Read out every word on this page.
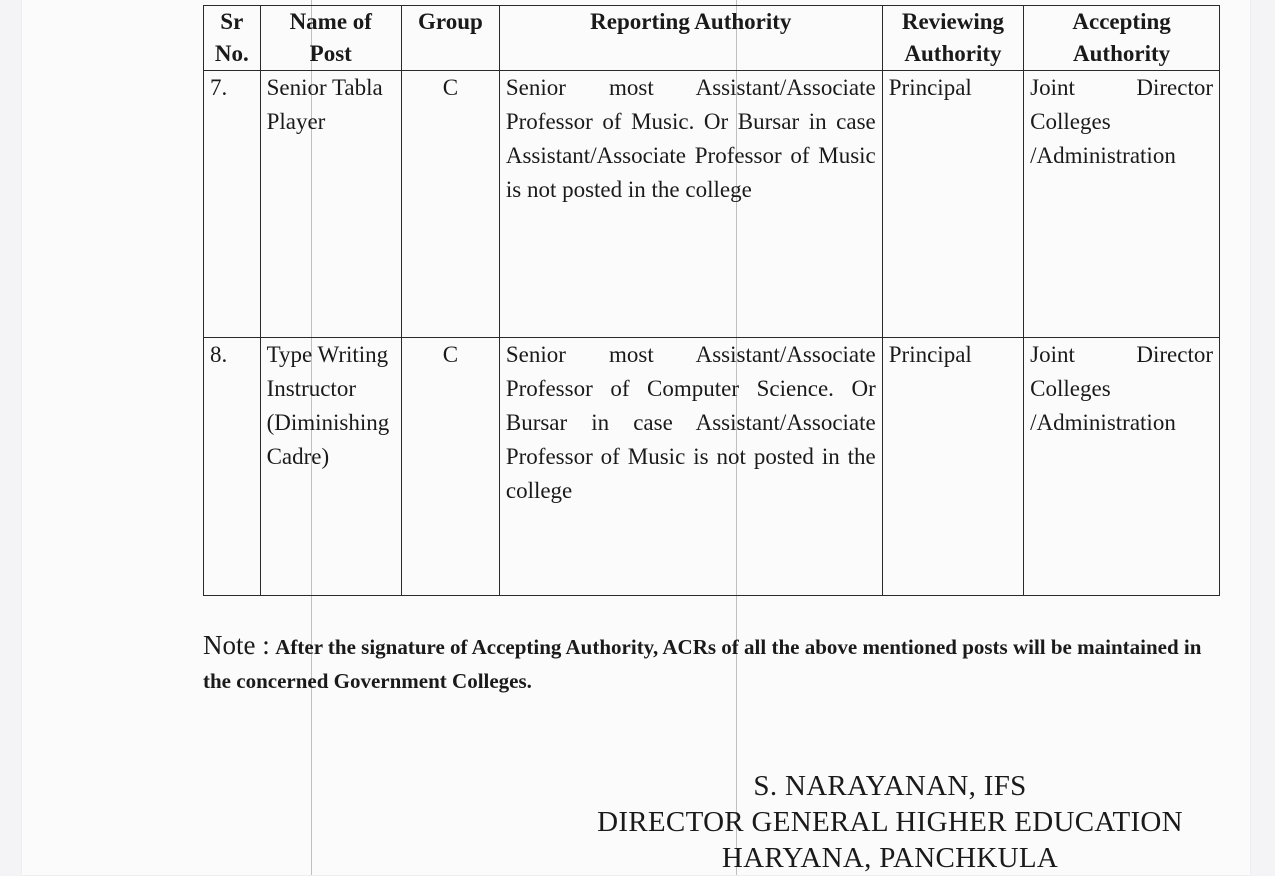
Sr No.	Name of Post	Group	Reporting Authority	Reviewing Authority	Accepting Authority
7.	Senior Tabla Player	C	Senior most Assistant/Associate Professor of Music. Or Bursar in case Assistant/Associate Professor of Music is not posted in the college	Principal	Joint Director Colleges /Administration
8.	Type Writing Instructor (Diminishing Cadre)	C	Senior most Assistant/Associate Professor of Computer Science. Or Bursar in case Assistant/Associate Professor of Music is not posted in the college	Principal	Joint Director Colleges /Administration
Note : After the signature of Accepting Authority, ACRs of all the above mentioned posts will be maintained in the concerned Government Colleges.
S. NARAYANAN, IFS
DIRECTOR GENERAL HIGHER EDUCATION
HARYANA, PANCHKULA
